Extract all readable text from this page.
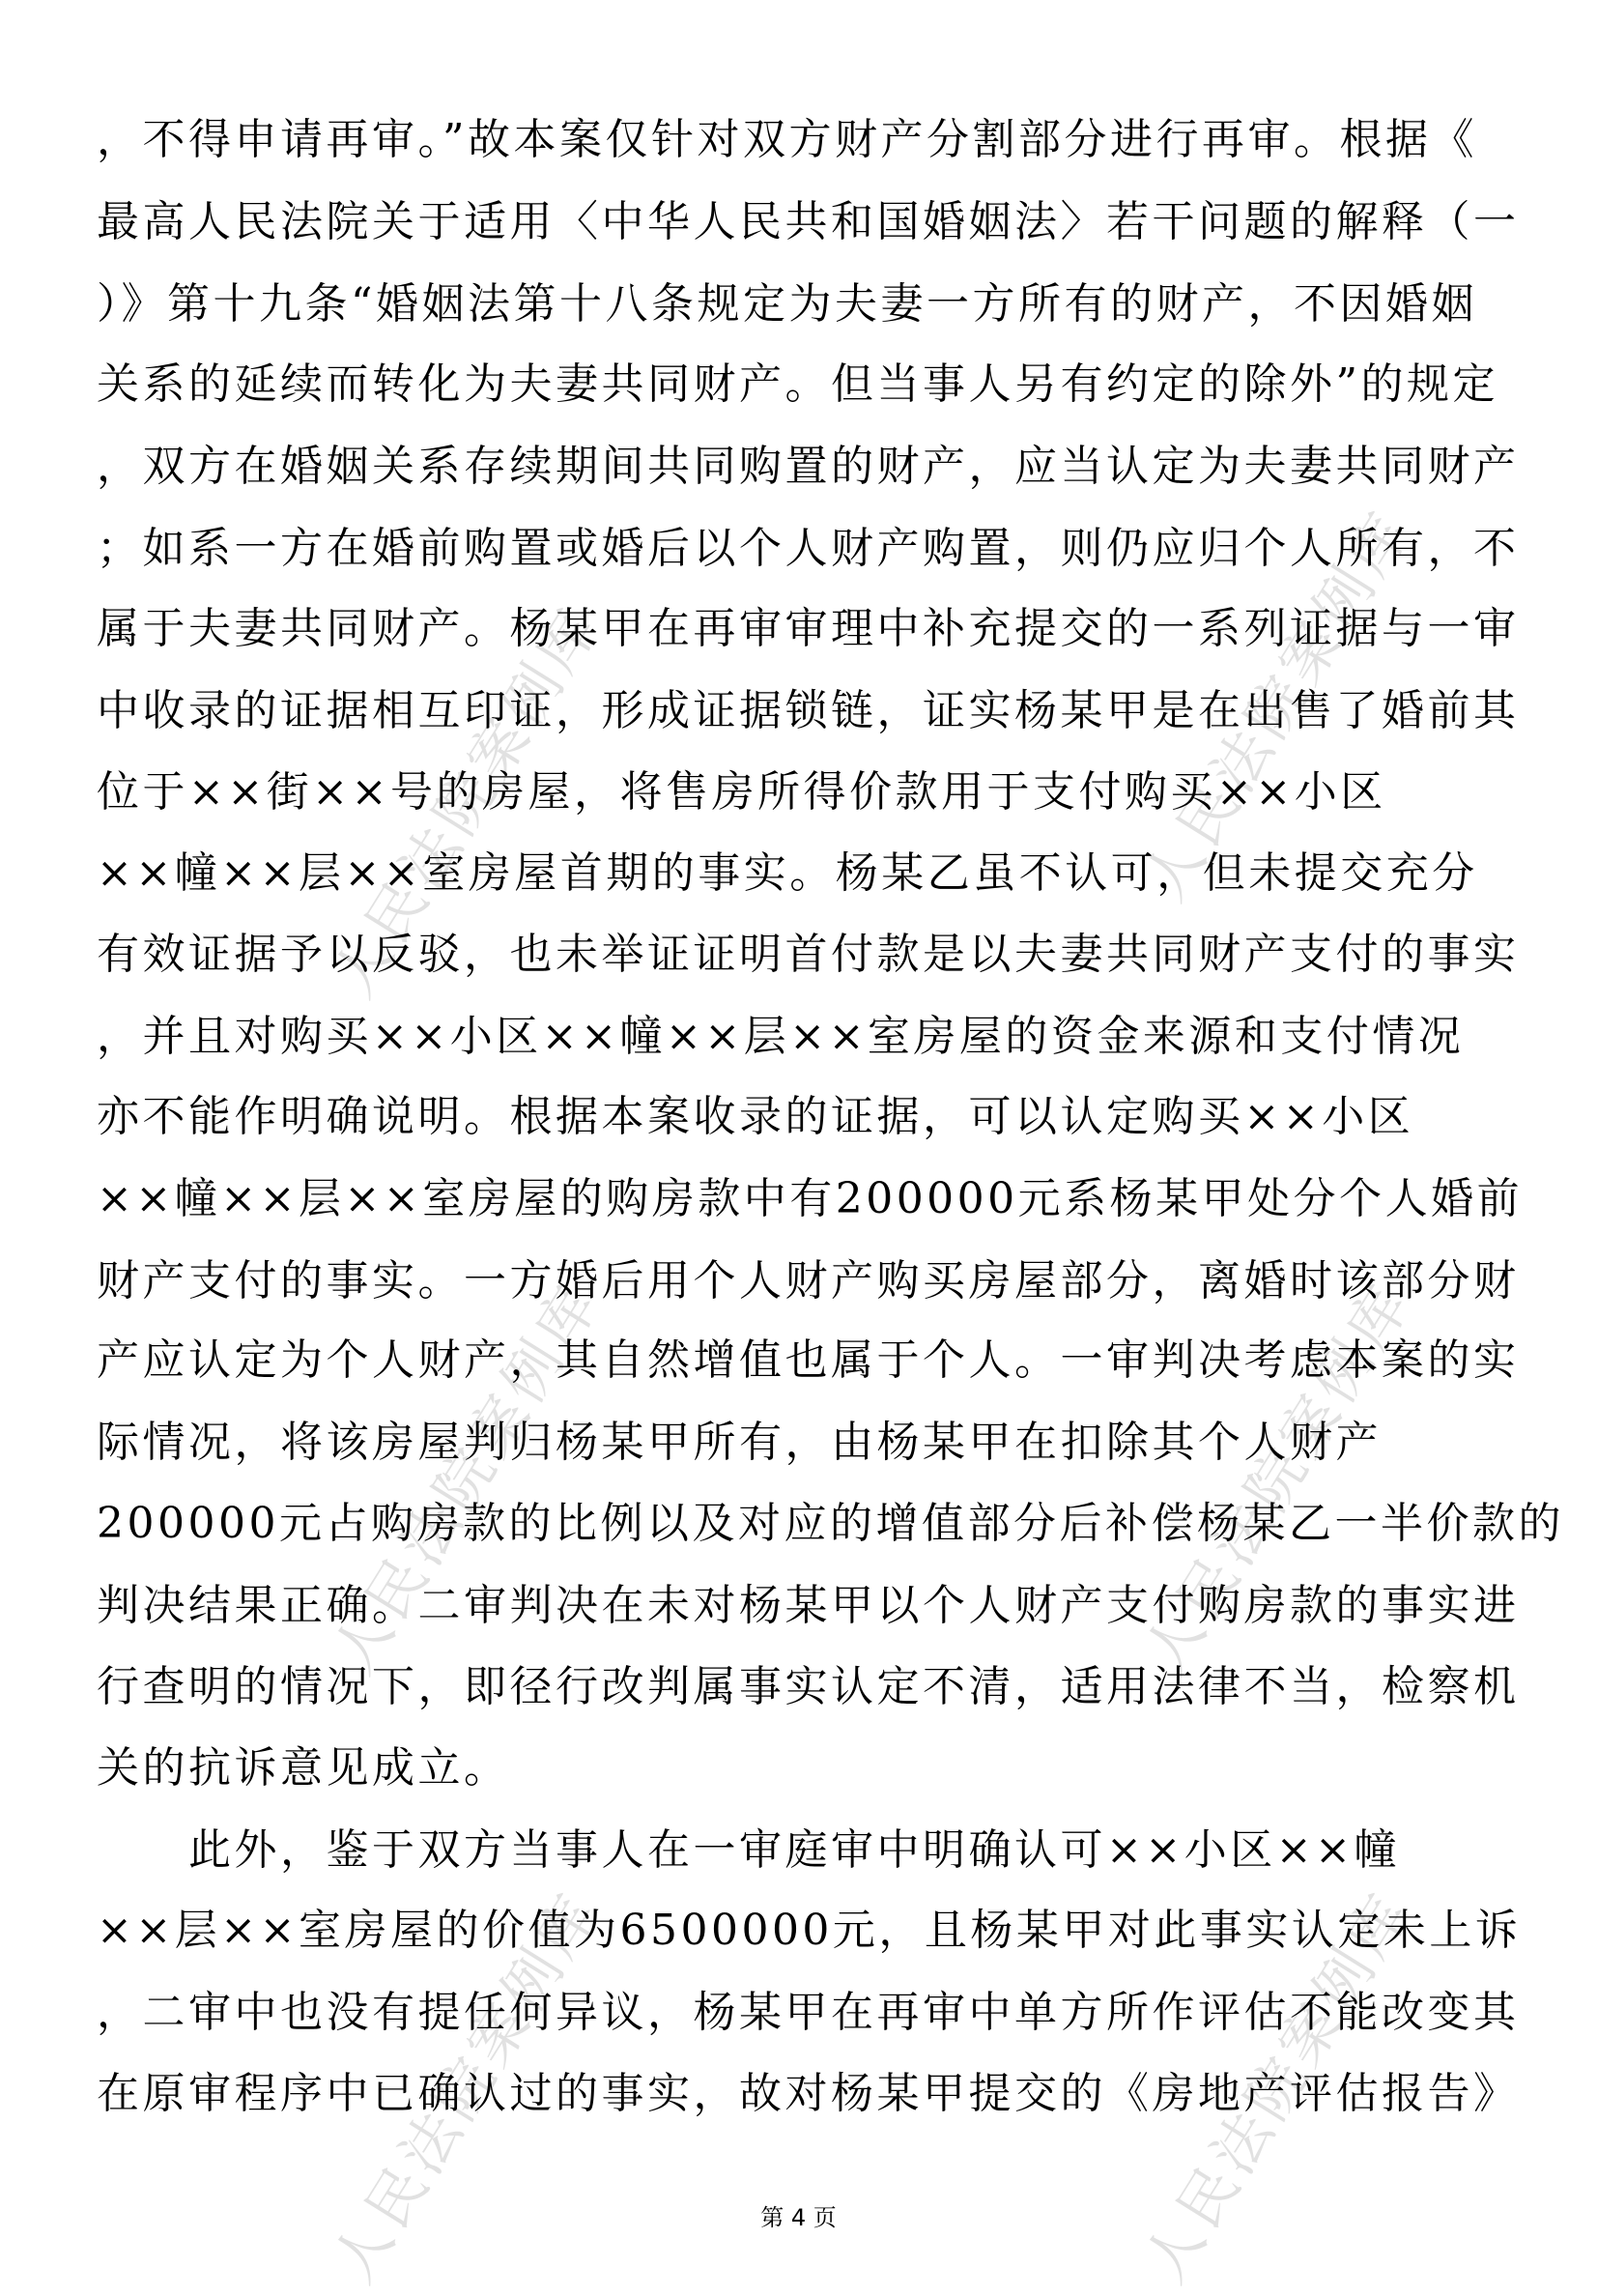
人民法院案例库	人民法院案例库
人民法院案例库	人民法院案例库
人民法院案例库	人民法院案例库
，不得申请再审。”故本案仅针对双方财产分割部分进行再审。根据《
最高人民法院关于适用〈中华人民共和国婚姻法〉若干问题的解释（一
）》第十九条“婚姻法第十八条规定为夫妻一方所有的财产，不因婚姻
关系的延续而转化为夫妻共同财产。但当事人另有约定的除外”的规定
，双方在婚姻关系存续期间共同购置的财产，应当认定为夫妻共同财产
；如系一方在婚前购置或婚后以个人财产购置，则仍应归个人所有，不
属于夫妻共同财产。杨某甲在再审审理中补充提交的一系列证据与一审
中收录的证据相互印证，形成证据锁链，证实杨某甲是在出售了婚前其
位于××街××号的房屋，将售房所得价款用于支付购买××小区
××幢××层××室房屋首期的事实。杨某乙虽不认可，但未提交充分
有效证据予以反驳，也未举证证明首付款是以夫妻共同财产支付的事实
，并且对购买××小区××幢××层××室房屋的资金来源和支付情况
亦不能作明确说明。根据本案收录的证据，可以认定购买××小区
××幢××层××室房屋的购房款中有200000元系杨某甲处分个人婚前
财产支付的事实。一方婚后用个人财产购买房屋部分，离婚时该部分财
产应认定为个人财产，其自然增值也属于个人。一审判决考虑本案的实
际情况，将该房屋判归杨某甲所有，由杨某甲在扣除其个人财产
200000元占购房款的比例以及对应的增值部分后补偿杨某乙一半价款的
判决结果正确。二审判决在未对杨某甲以个人财产支付购房款的事实进
行查明的情况下，即径行改判属事实认定不清，适用法律不当，检察机
关的抗诉意见成立。
　　此外，鉴于双方当事人在一审庭审中明确认可××小区××幢
××层××室房屋的价值为6500000元，且杨某甲对此事实认定未上诉
，二审中也没有提任何异议，杨某甲在再审中单方所作评估不能改变其
在原审程序中已确认过的事实，故对杨某甲提交的《房地产评估报告》
第 4 页
